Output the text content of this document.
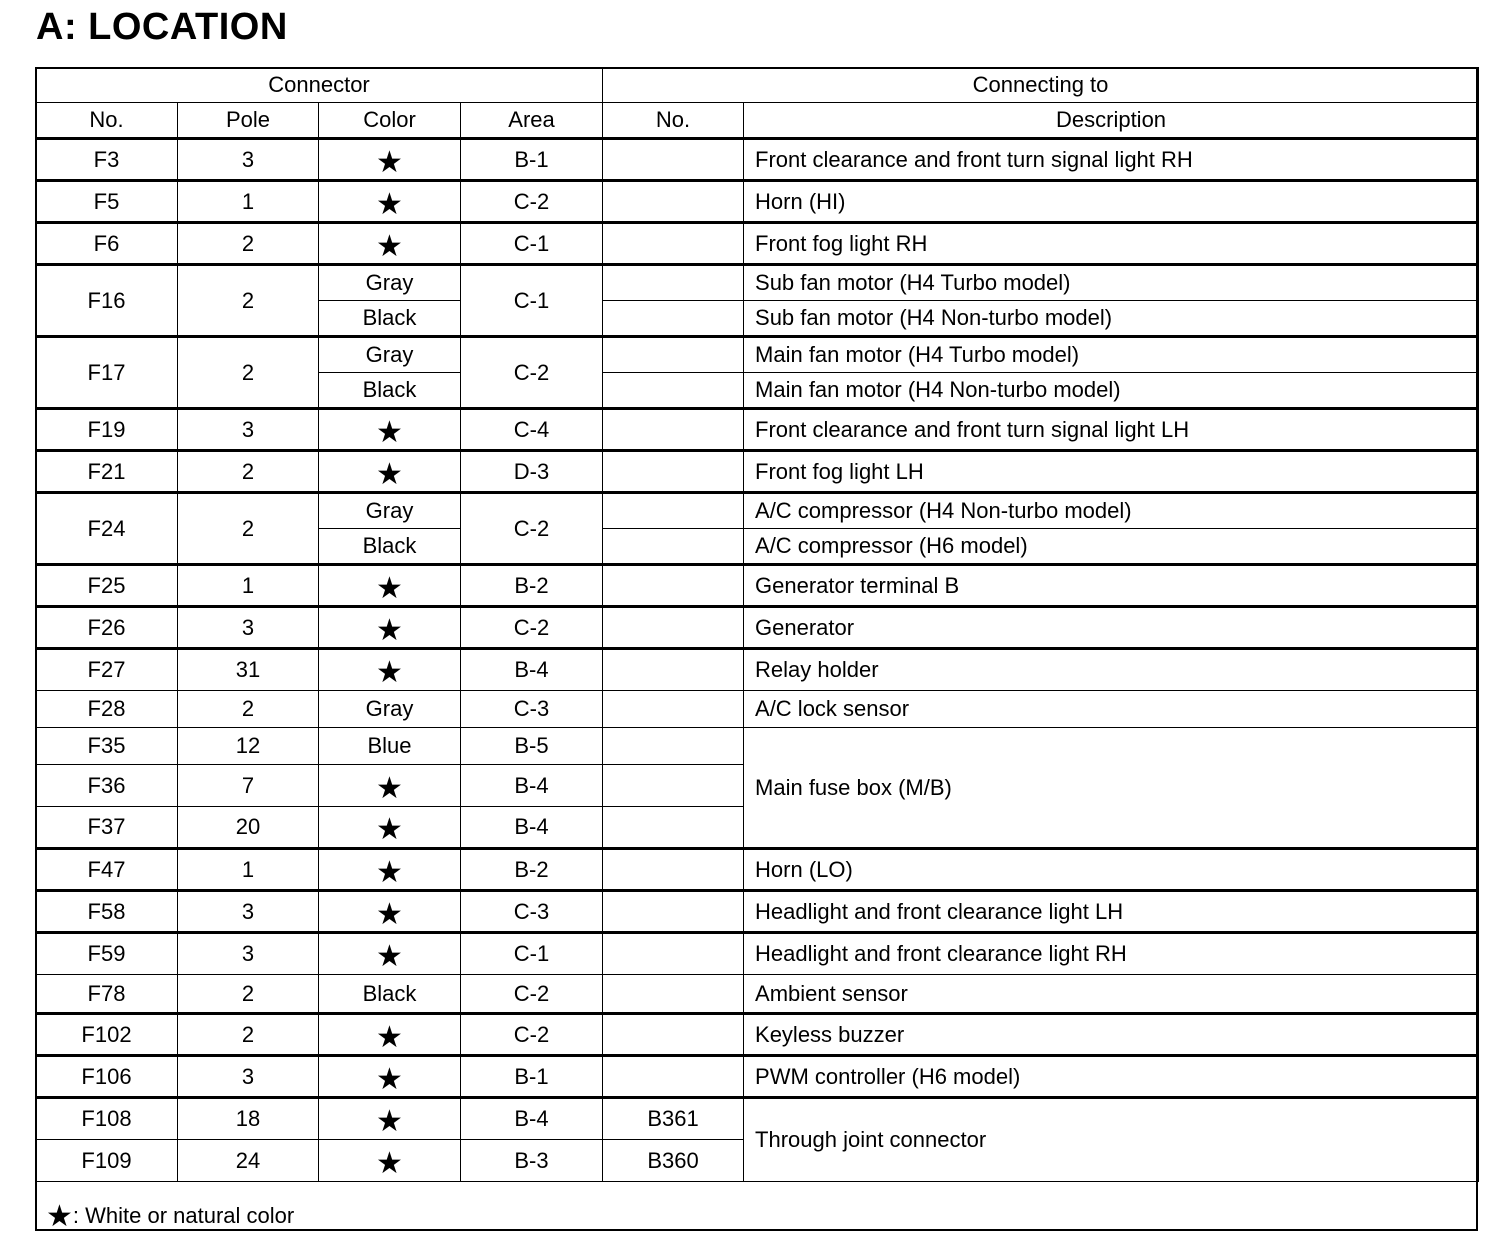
A: LOCATION
Connector				Connecting to	
No.	Pole	Color	Area	No.	Description
F3	3	★	B-1		Front clearance and front turn signal light RH
F5	1	★	C-2		Horn (HI)
F6	2	★	C-1		Front fog light RH
F16	2	Gray	C-1		Sub fan motor (H4 Turbo model)
		Black			Sub fan motor (H4 Non-turbo model)
F17	2	Gray	C-2		Main fan motor (H4 Turbo model)
		Black			Main fan motor (H4 Non-turbo model)
F19	3	★	C-4		Front clearance and front turn signal light LH
F21	2	★	D-3		Front fog light LH
F24	2	Gray	C-2		A/C compressor (H4 Non-turbo model)
		Black			A/C compressor (H6 model)
F25	1	★	B-2		Generator terminal B
F26	3	★	C-2		Generator
F27	31	★	B-4		Relay holder
F28	2	Gray	C-3		A/C lock sensor
F35	12	Blue	B-5		Main fuse box (M/B)
F36	7	★	B-4		
F37	20	★	B-4		
F47	1	★	B-2		Horn (LO)
F58	3	★	C-3		Headlight and front clearance light LH
F59	3	★	C-1		Headlight and front clearance light RH
F78	2	Black	C-2		Ambient sensor
F102	2	★	C-2		Keyless buzzer
F106	3	★	B-1		PWM controller (H6 model)
F108	18	★	B-4	B361	Through joint connector
F109	24	★	B-3	B360	
★: White or natural color
